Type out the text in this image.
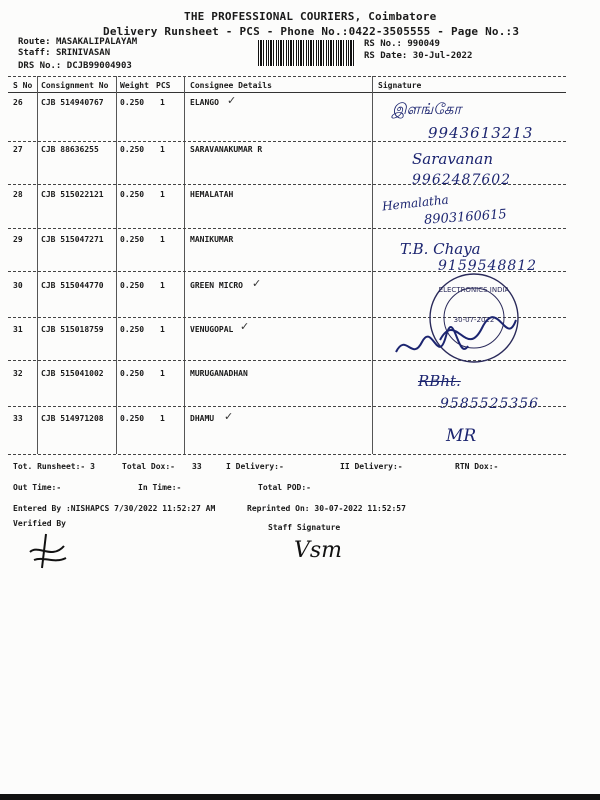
THE PROFESSIONAL COURIERS, Coimbatore
Delivery Runsheet - PCS - Phone No.:0422-3505555 - Page No.:3
Route: MASAKALIPALAYAM
Staff: SRINIVASAN
DRS No.: DCJB99004903
RS No.: 990049
RS Date: 30-Jul-2022
S No Consignment No Weight PCS Consignee Details	Signature
26 CJB 514940767 0.250 1	ELANGO ✓	இளங்கோ
9943613213
27 CJB 88636255	0.250 1	SARAVANAKUMAR R
Saravanan
9962487602
28 CJB 515022121 0.250 1	HEMALATAH	Hemalatha
8903160615
29 CJB 515047271 0.250 1	MANIKUMAR
T.B. Chaya
9159548812
30 CJB 515044770 0.250 1	GREEN MICRO ✓
31 CJB 515018759 0.250 1	VENUGOPAL ✓
ELECTRONICS INDIA
30-07-2022
32 CJB 515041002 0.250 1	MURUGANADHAN	RBht.
9585525356
33 CJB 514971208 0.250 1	DHAMU ✓
MR
Tot. Runsheet:- 3	Total Dox:- 33	I Delivery:-	II Delivery:-	RTN Dox:-
Out Time:-	In Time:-	Total POD:-
Entered By :NISHAPCS 7/30/2022 11:52:27 AM	Reprinted On: 30-07-2022 11:52:57
Verified By	Staff Signature
Vsm
